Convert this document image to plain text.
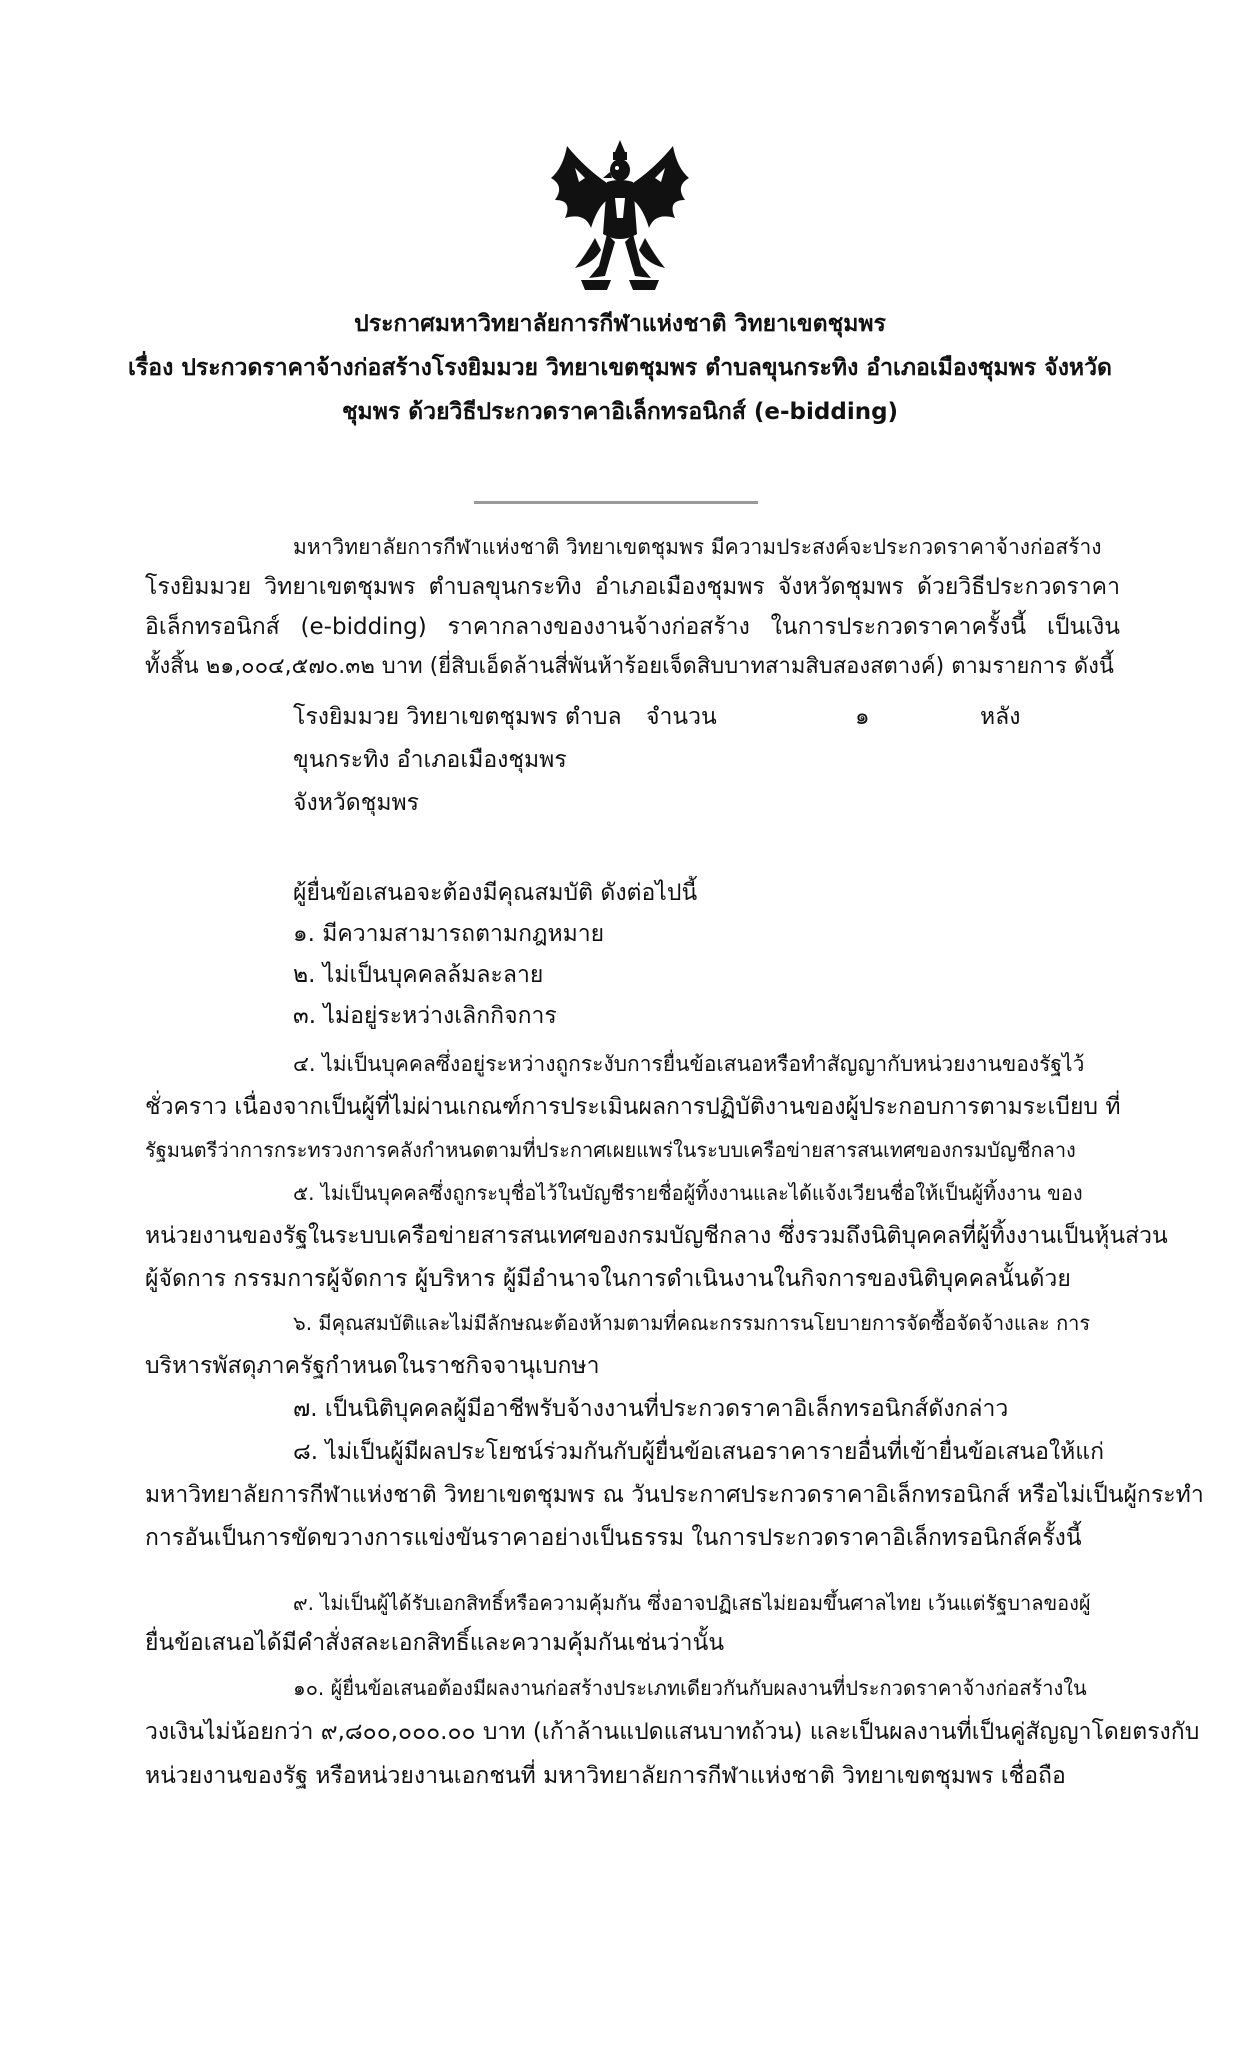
ประกาศมหาวิทยาลัยการกีฬาแห่งชาติ วิทยาเขตชุมพร
เรื่อง ประกวดราคาจ้างก่อสร้างโรงยิมมวย วิทยาเขตชุมพร ตำบลขุนกระทิง อำเภอเมืองชุมพร จังหวัด
ชุมพร ด้วยวิธีประกวดราคาอิเล็กทรอนิกส์ (e-bidding)
มหาวิทยาลัยการกีฬาแห่งชาติ วิทยาเขตชุมพร มีความประสงค์จะประกวดราคาจ้างก่อสร้าง
โรงยิมมวย วิทยาเขตชุมพร ตำบลขุนกระทิง อำเภอเมืองชุมพร จังหวัดชุมพร ด้วยวิธีประกวดราคา
อิเล็กทรอนิกส์ (e-bidding) ราคากลางของงานจ้างก่อสร้าง ในการประกวดราคาครั้งนี้ เป็นเงิน
ทั้งสิ้น ๒๑,๐๐๔,๕๗๐.๓๒ บาท (ยี่สิบเอ็ดล้านสี่พันห้าร้อยเจ็ดสิบบาทสามสิบสองสตางค์) ตามรายการ ดังนี้
โรงยิมมวย วิทยาเขตชุมพร ตำบล
ขุนกระทิง อำเภอเมืองชุมพร
จังหวัดชุมพร
จำนวน	๑	หลัง
ผู้ยื่นข้อเสนอจะต้องมีคุณสมบัติ ดังต่อไปนี้
๑. มีความสามารถตามกฎหมาย
๒. ไม่เป็นบุคคลล้มละลาย
๓. ไม่อยู่ระหว่างเลิกกิจการ
๔. ไม่เป็นบุคคลซึ่งอยู่ระหว่างถูกระงับการยื่นข้อเสนอหรือทำสัญญากับหน่วยงานของรัฐไว้
ชั่วคราว เนื่องจากเป็นผู้ที่ไม่ผ่านเกณฑ์การประเมินผลการปฏิบัติงานของผู้ประกอบการตามระเบียบ ที่
รัฐมนตรีว่าการกระทรวงการคลังกำหนดตามที่ประกาศเผยแพร่ในระบบเครือข่ายสารสนเทศของกรมบัญชีกลาง
๕. ไม่เป็นบุคคลซึ่งถูกระบุชื่อไว้ในบัญชีรายชื่อผู้ทิ้งงานและได้แจ้งเวียนชื่อให้เป็นผู้ทิ้งงาน ของ
หน่วยงานของรัฐในระบบเครือข่ายสารสนเทศของกรมบัญชีกลาง ซึ่งรวมถึงนิติบุคคลที่ผู้ทิ้งงานเป็นหุ้นส่วน
ผู้จัดการ กรรมการผู้จัดการ ผู้บริหาร ผู้มีอำนาจในการดำเนินงานในกิจการของนิติบุคคลนั้นด้วย
๖. มีคุณสมบัติและไม่มีลักษณะต้องห้ามตามที่คณะกรรมการนโยบายการจัดซื้อจัดจ้างและ การ
บริหารพัสดุภาครัฐกำหนดในราชกิจจานุเบกษา
๗. เป็นนิติบุคคลผู้มีอาชีพรับจ้างงานที่ประกวดราคาอิเล็กทรอนิกส์ดังกล่าว
๘. ไม่เป็นผู้มีผลประโยชน์ร่วมกันกับผู้ยื่นข้อเสนอราคารายอื่นที่เข้ายื่นข้อเสนอให้แก่
มหาวิทยาลัยการกีฬาแห่งชาติ วิทยาเขตชุมพร ณ วันประกาศประกวดราคาอิเล็กทรอนิกส์ หรือไม่เป็นผู้กระทำ
การอันเป็นการขัดขวางการแข่งขันราคาอย่างเป็นธรรม ในการประกวดราคาอิเล็กทรอนิกส์ครั้งนี้
๙. ไม่เป็นผู้ได้รับเอกสิทธิ์หรือความคุ้มกัน ซึ่งอาจปฏิเสธไม่ยอมขึ้นศาลไทย เว้นแต่รัฐบาลของผู้
ยื่นข้อเสนอได้มีคำสั่งสละเอกสิทธิ์และความคุ้มกันเช่นว่านั้น
๑๐. ผู้ยื่นข้อเสนอต้องมีผลงานก่อสร้างประเภทเดียวกันกับผลงานที่ประกวดราคาจ้างก่อสร้างใน
วงเงินไม่น้อยกว่า ๙,๘๐๐,๐๐๐.๐๐ บาท (เก้าล้านแปดแสนบาทถ้วน) และเป็นผลงานที่เป็นคู่สัญญาโดยตรงกับ
หน่วยงานของรัฐ หรือหน่วยงานเอกชนที่ มหาวิทยาลัยการกีฬาแห่งชาติ วิทยาเขตชุมพร เชื่อถือ
